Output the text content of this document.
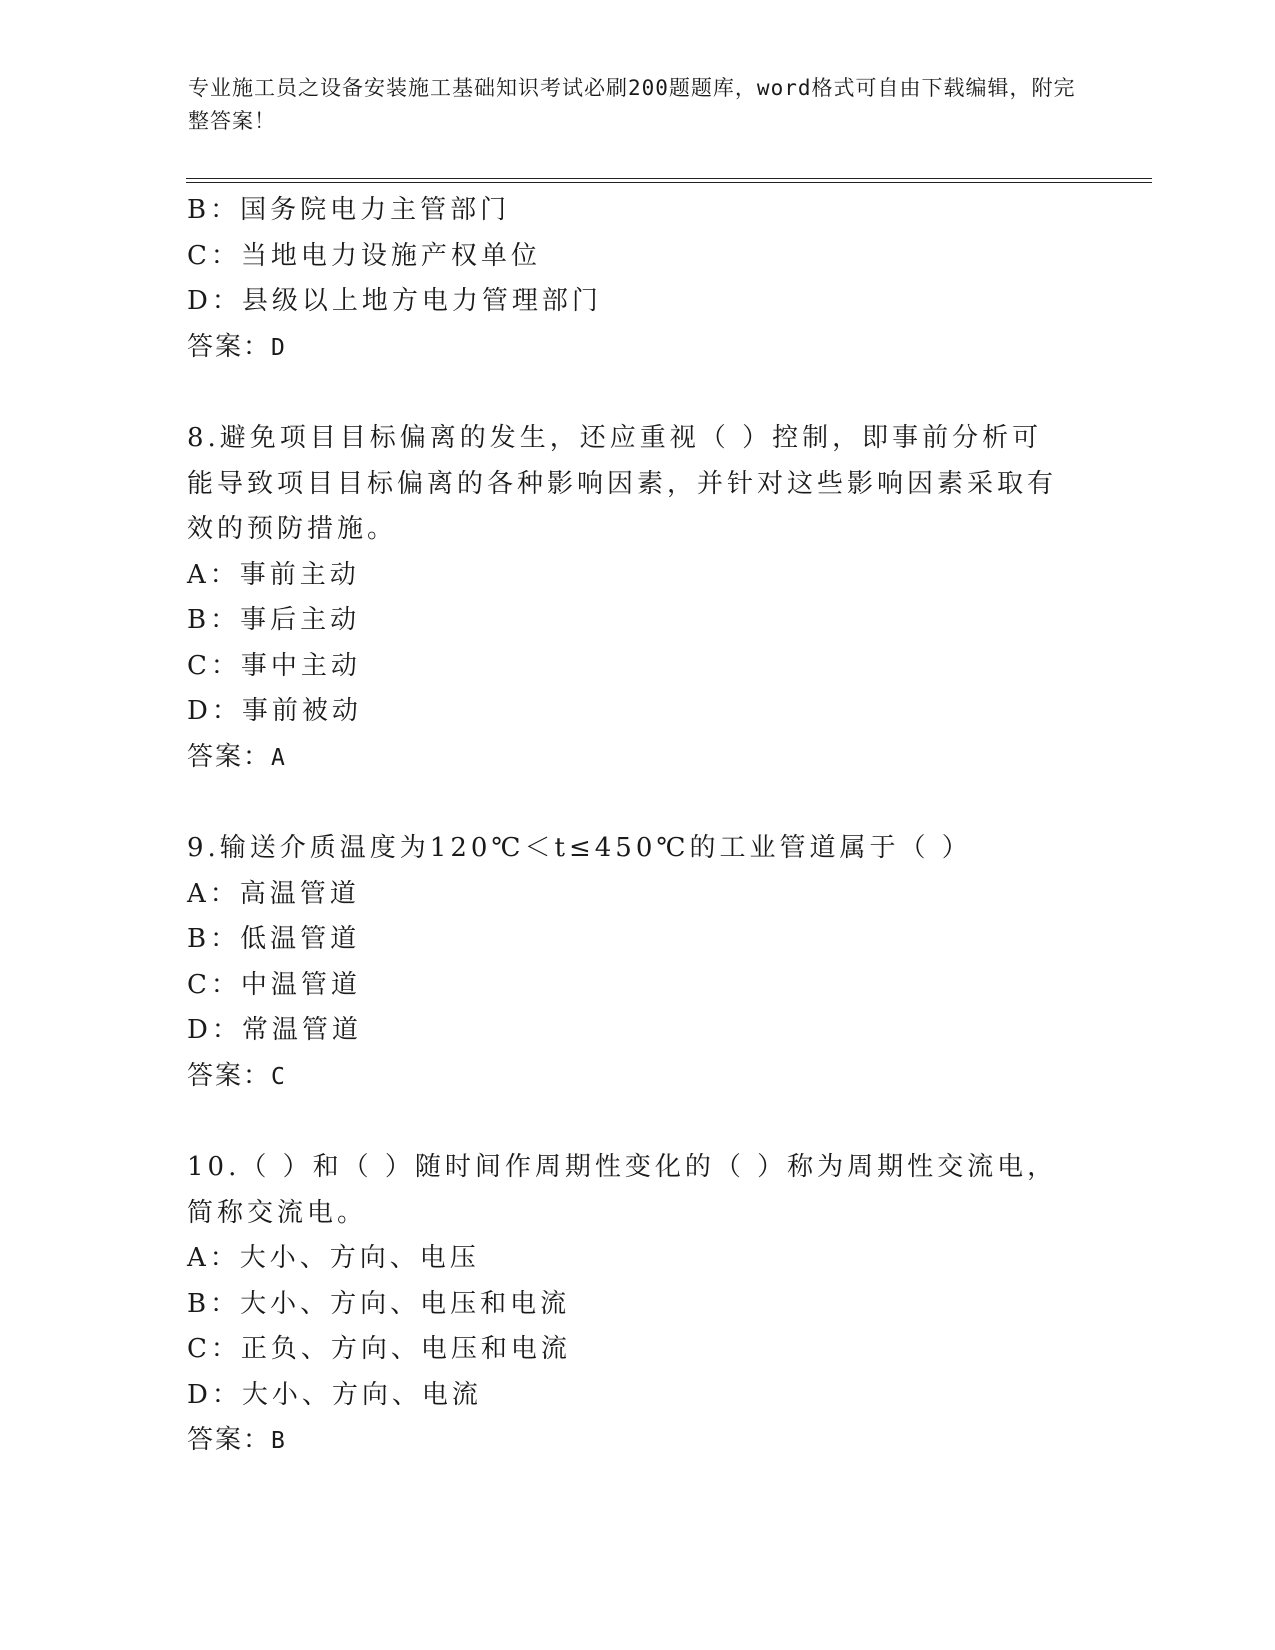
专业施工员之设备安装施工基础知识考试必刷200题题库，word格式可自由下载编辑，附完整答案！
B：国务院电力主管部门
C：当地电力设施产权单位
D：县级以上地方电力管理部门
答案：D
8.避免项目目标偏离的发生，还应重视（ ）控制，即事前分析可能导致项目目标偏离的各种影响因素，并针对这些影响因素采取有效的预防措施。
A：事前主动
B：事后主动
C：事中主动
D：事前被动
答案：A
9.输送介质温度为120℃＜t≤450℃的工业管道属于（ ）
A：高温管道
B：低温管道
C：中温管道
D：常温管道
答案：C
10.（ ）和（ ）随时间作周期性变化的（ ）称为周期性交流电，简称交流电。
A：大小、方向、电压
B：大小、方向、电压和电流
C：正负、方向、电压和电流
D：大小、方向、电流
答案：B
